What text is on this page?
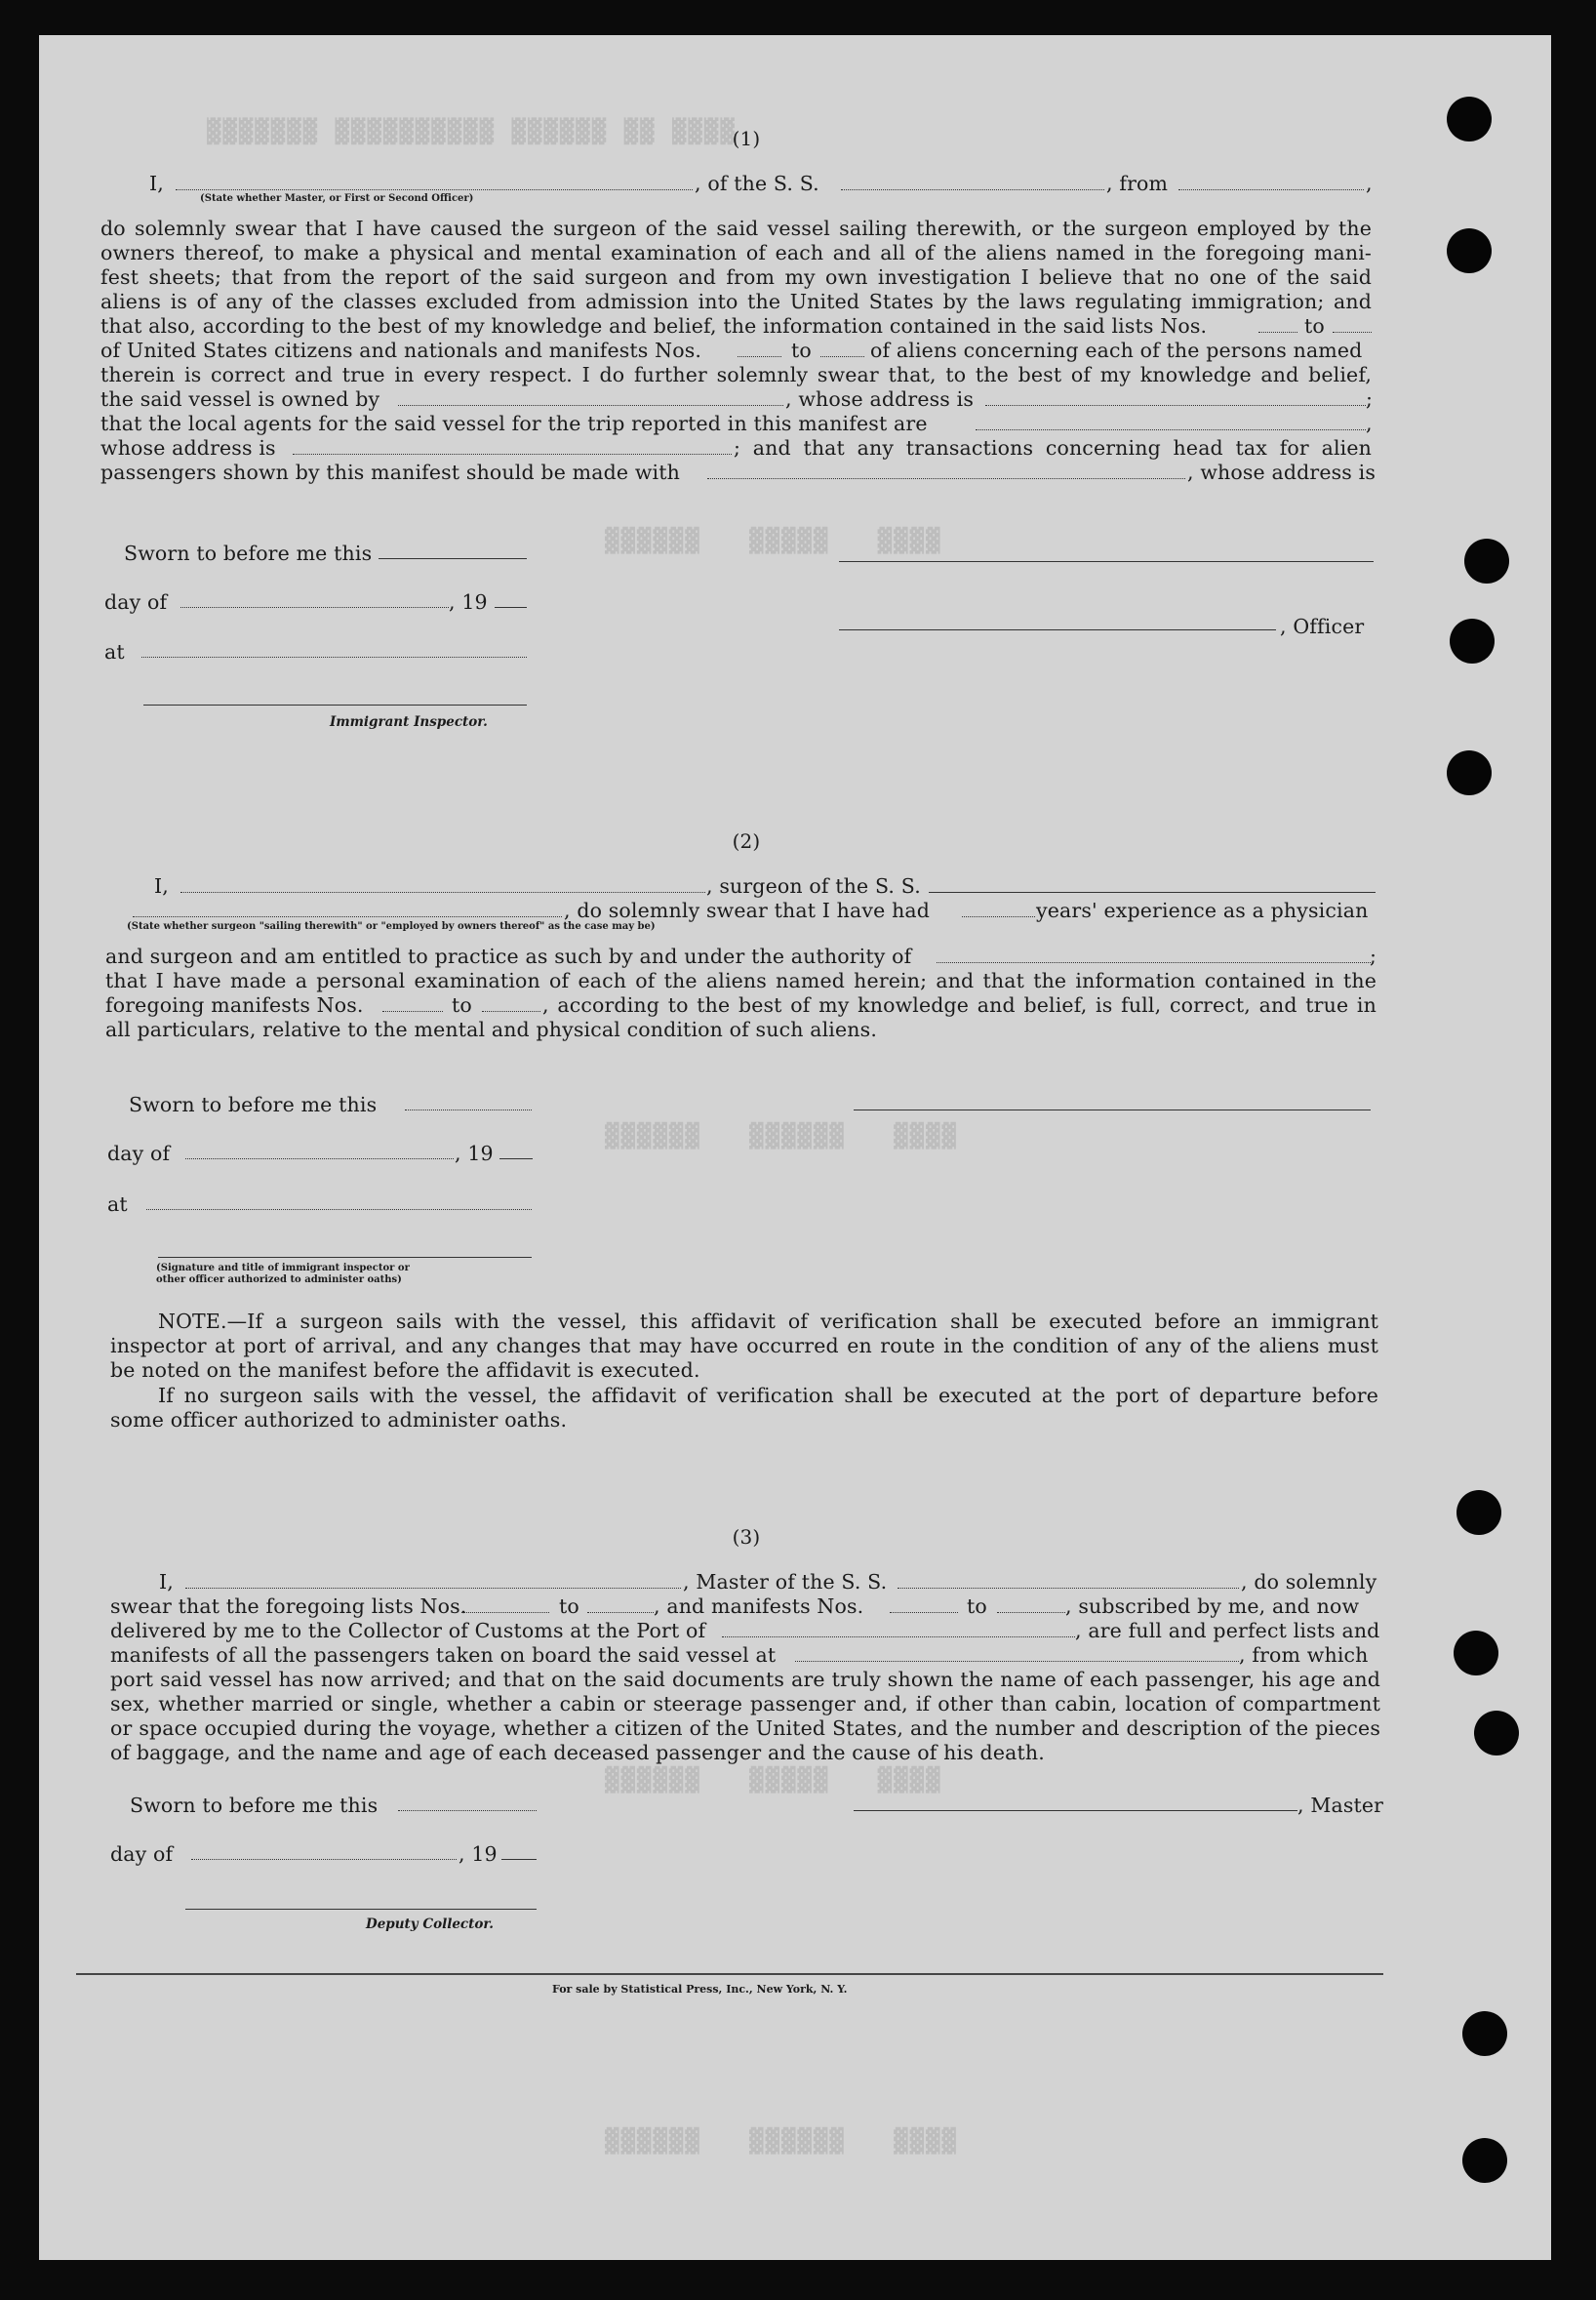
▓▓▓▓ ▓▓ ▓▓▓▓▓▓ ▓▓▓▓▓▓▓▓▓▓ ▓▓▓▓▓▓▓
▓▓▓▓▓▓   ▓▓▓▓▓   ▓▓▓▓
▓▓▓▓▓▓   ▓▓▓▓▓▓   ▓▓▓▓
▓▓▓▓▓▓   ▓▓▓▓▓   ▓▓▓▓
▓▓▓▓▓▓   ▓▓▓▓▓▓   ▓▓▓▓
(1)
I,	, of the S. S.	, from	,
(State whether Master, or First or Second Officer)
do solemnly swear that I have caused the surgeon of the said vessel sailing therewith, or the surgeon employed by the
owners thereof, to make a physical and mental examination of each and all of the aliens named in the foregoing mani-
fest sheets; that from the report of the said surgeon and from my own investigation I believe that no one of the said
aliens is of any of the classes excluded from admission into the United States by the laws regulating immigration; and
that also, according to the best of my knowledge and belief, the information contained in the said lists Nos.	to
of United States citizens and nationals and manifests Nos.	to	of aliens concerning each of the persons named
therein is correct and true in every respect. I do further solemnly swear that, to the best of my knowledge and belief,
the said vessel is owned by	, whose address is	;
that the local agents for the said vessel for the trip reported in this manifest are	,
whose address is	; and that any transactions concerning head tax for alien
passengers shown by this manifest should be made with	, whose address is
Sworn to before me this
day of	, 19
, Officer
at
Immigrant Inspector.
(2)
I,	, surgeon of the S. S.
, do solemnly swear that I have had	years' experience as a physician
(State whether surgeon "sailing therewith" or "employed by owners thereof" as the case may be)
and surgeon and am entitled to practice as such by and under the authority of	;
that I have made a personal examination of each of the aliens named herein; and that the information contained in the
foregoing manifests Nos.	to	, according to the best of my knowledge and belief, is full, correct, and true in
all particulars, relative to the mental and physical condition of such aliens.
Sworn to before me this
day of	, 19
at
(Signature and title of immigrant inspector or
other officer authorized to administer oaths)
NOTE.—If a surgeon sails with the vessel, this affidavit of verification shall be executed before an immigrant
inspector at port of arrival, and any changes that may have occurred en route in the condition of any of the aliens must
be noted on the manifest before the affidavit is executed.
If no surgeon sails with the vessel, the affidavit of verification shall be executed at the port of departure before
some officer authorized to administer oaths.
(3)
I,	, Master of the S. S.	, do solemnly
swear that the foregoing lists Nos.	to	, and manifests Nos.	to	, subscribed by me, and now
delivered by me to the Collector of Customs at the Port of	, are full and perfect lists and
manifests of all the passengers taken on board the said vessel at	, from which
port said vessel has now arrived; and that on the said documents are truly shown the name of each passenger, his age and
sex, whether married or single, whether a cabin or steerage passenger and, if other than cabin, location of compartment
or space occupied during the voyage, whether a citizen of the United States, and the number and description of the pieces
of baggage, and the name and age of each deceased passenger and the cause of his death.
Sworn to before me this	, Master
day of	, 19
Deputy Collector.
For sale by Statistical Press, Inc., New York, N. Y.
